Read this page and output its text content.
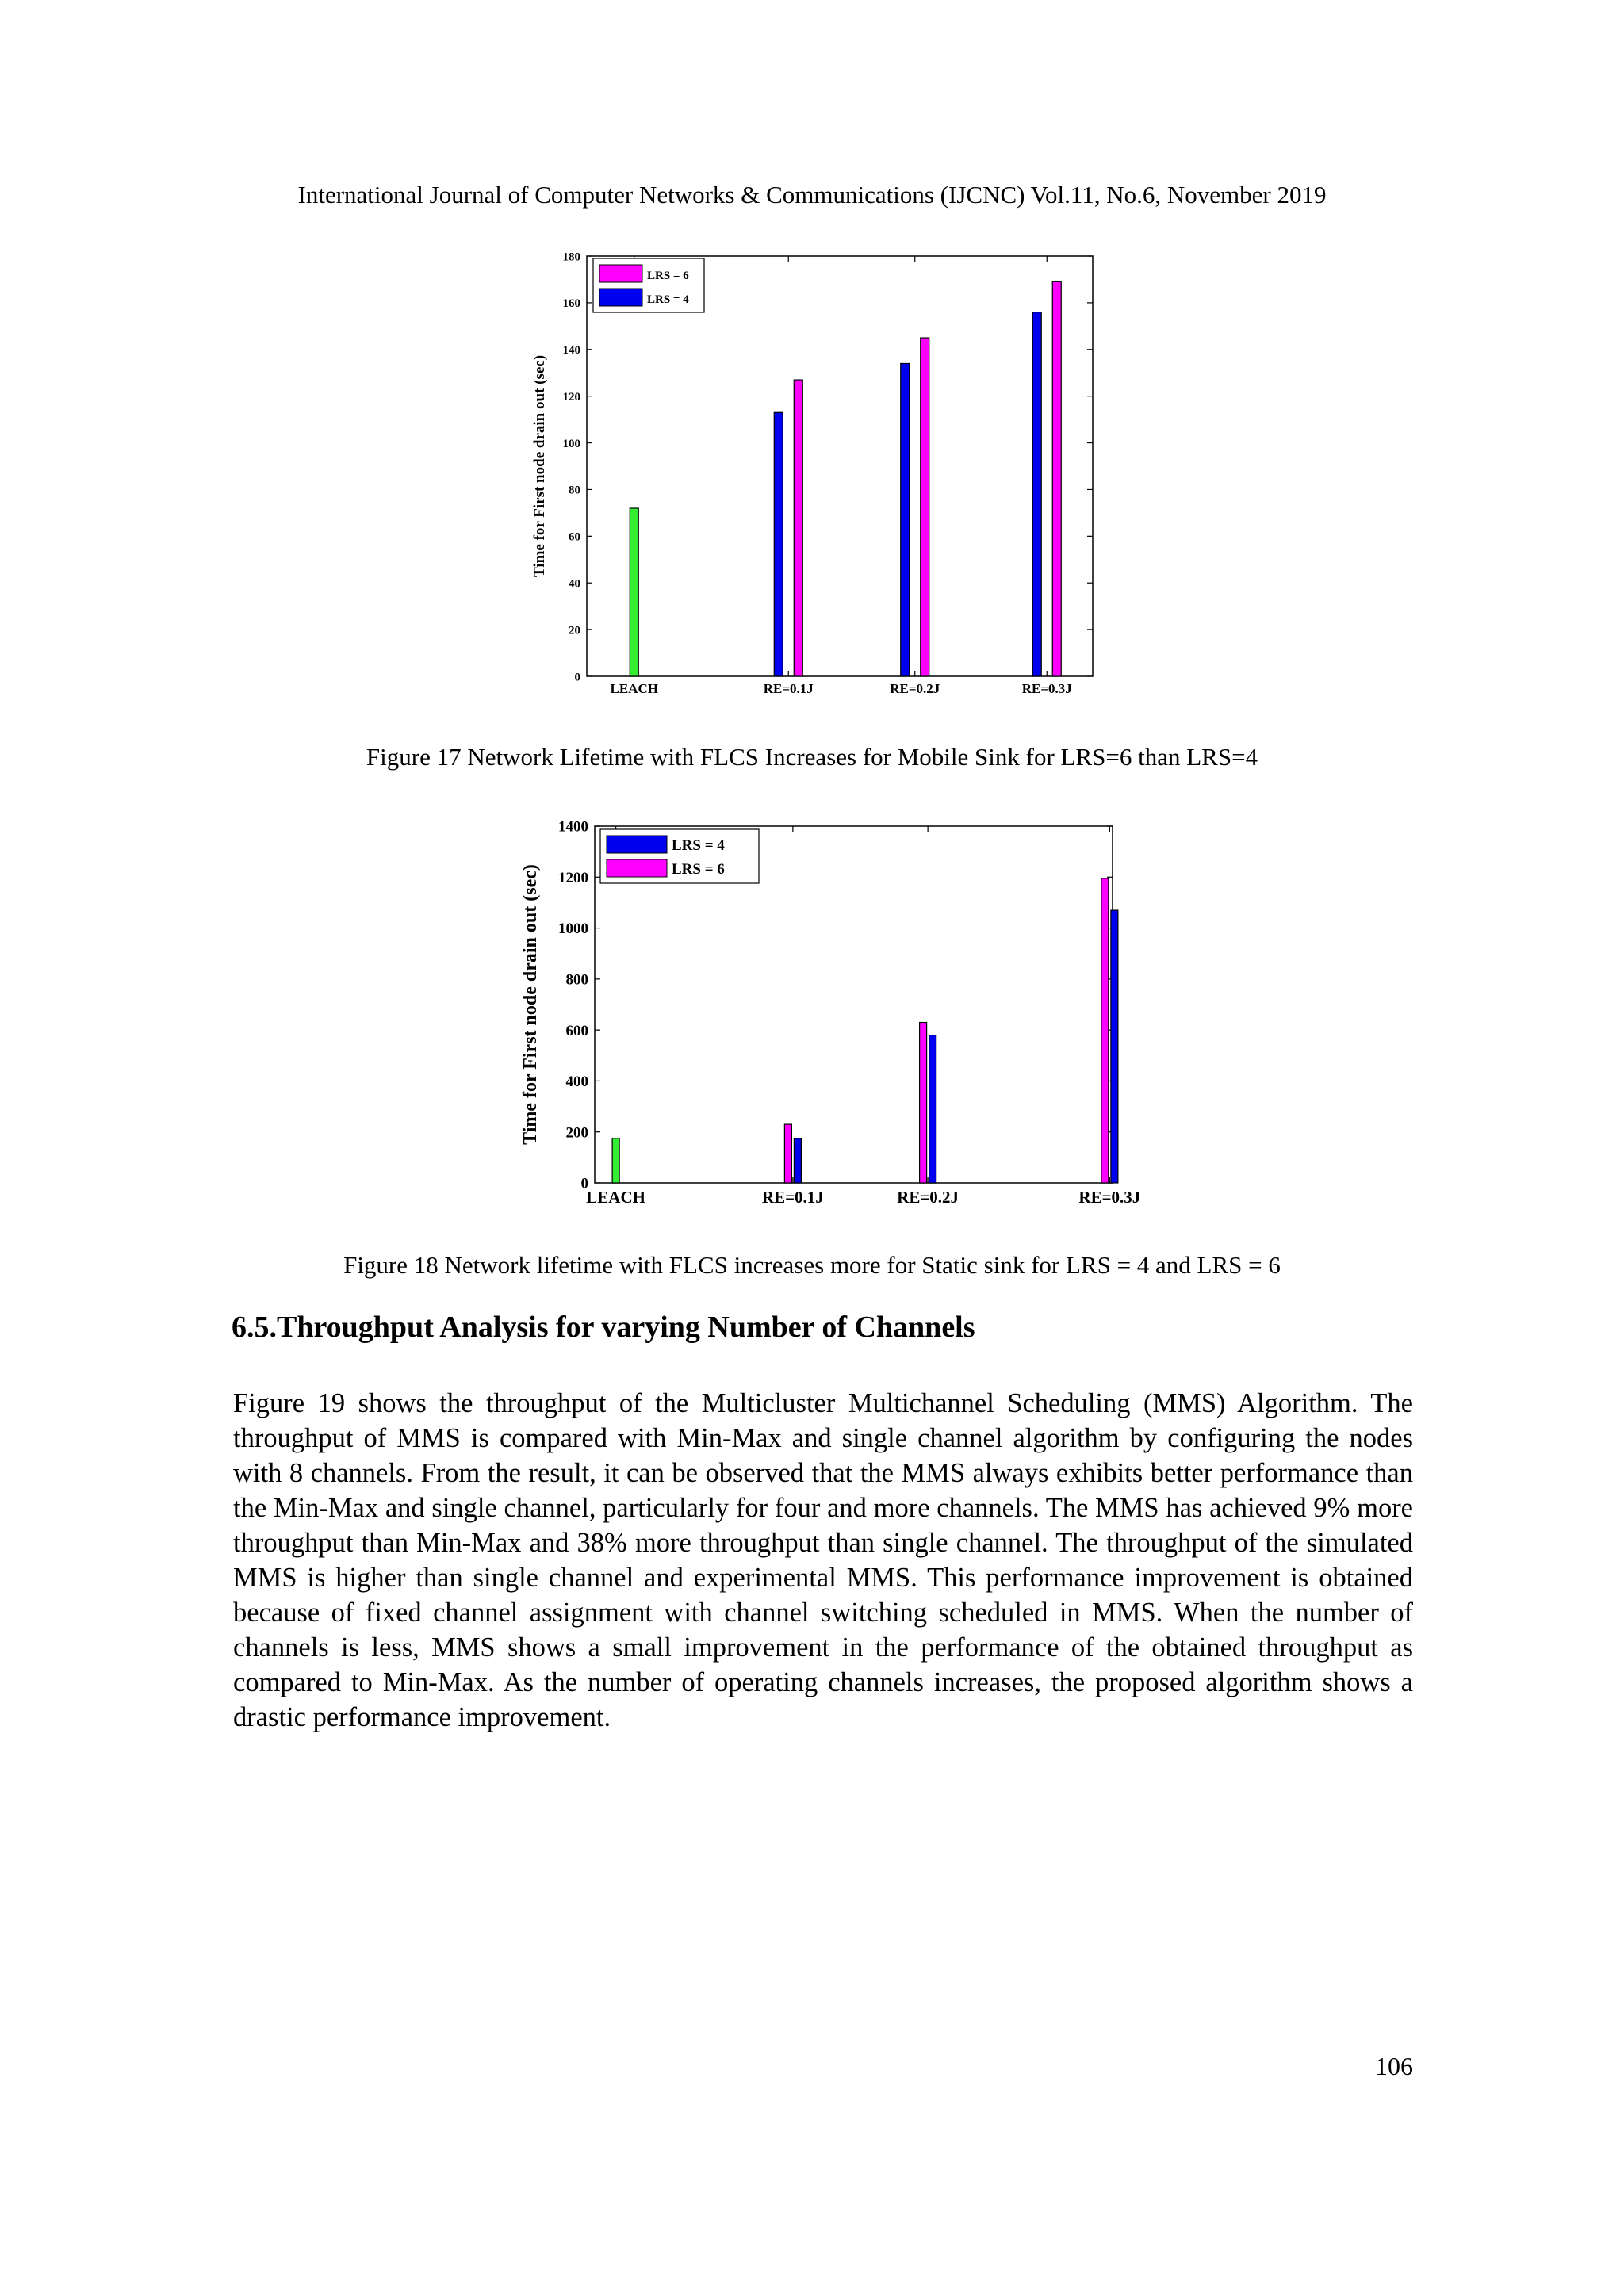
International Journal of Computer Networks & Communications (IJCNC) Vol.11, No.6, November 2019
0
20
40
60
80
100
120
140
160
180
LEACH	RE=0.1J	RE=0.2J	RE=0.3J
Time for First node drain out (sec)
LRS = 6
LRS = 4
Figure 17 Network Lifetime with FLCS Increases for Mobile Sink for LRS=6 than LRS=4
0
200
400
600
800
1000
1200
1400
LEACH	RE=0.1J	RE=0.2J	RE=0.3J
Time for First node drain out (sec)
LRS = 4
LRS = 6
Figure 18 Network lifetime with FLCS increases more for Static sink for LRS = 4 and LRS = 6
6.5.Throughput Analysis for varying Number of Channels
Figure 19 shows the throughput of the Multicluster Multichannel Scheduling (MMS) Algorithm. The throughput of MMS is compared with Min-Max and single channel algorithm by configuring the nodes with 8 channels. From the result, it can be observed that the MMS always exhibits better performance than the Min-Max and single channel, particularly for four and more channels. The MMS has achieved 9% more throughput than Min-Max and 38% more throughput than single channel. The throughput of the simulated MMS is higher than single channel and experimental MMS. This performance improvement is obtained because of fixed channel assignment with channel switching scheduled in MMS. When the number of channels is less, MMS shows a small improvement in the performance of the obtained throughput as compared to Min-Max. As the number of operating channels increases, the proposed algorithm shows a drastic performance improvement.
106
